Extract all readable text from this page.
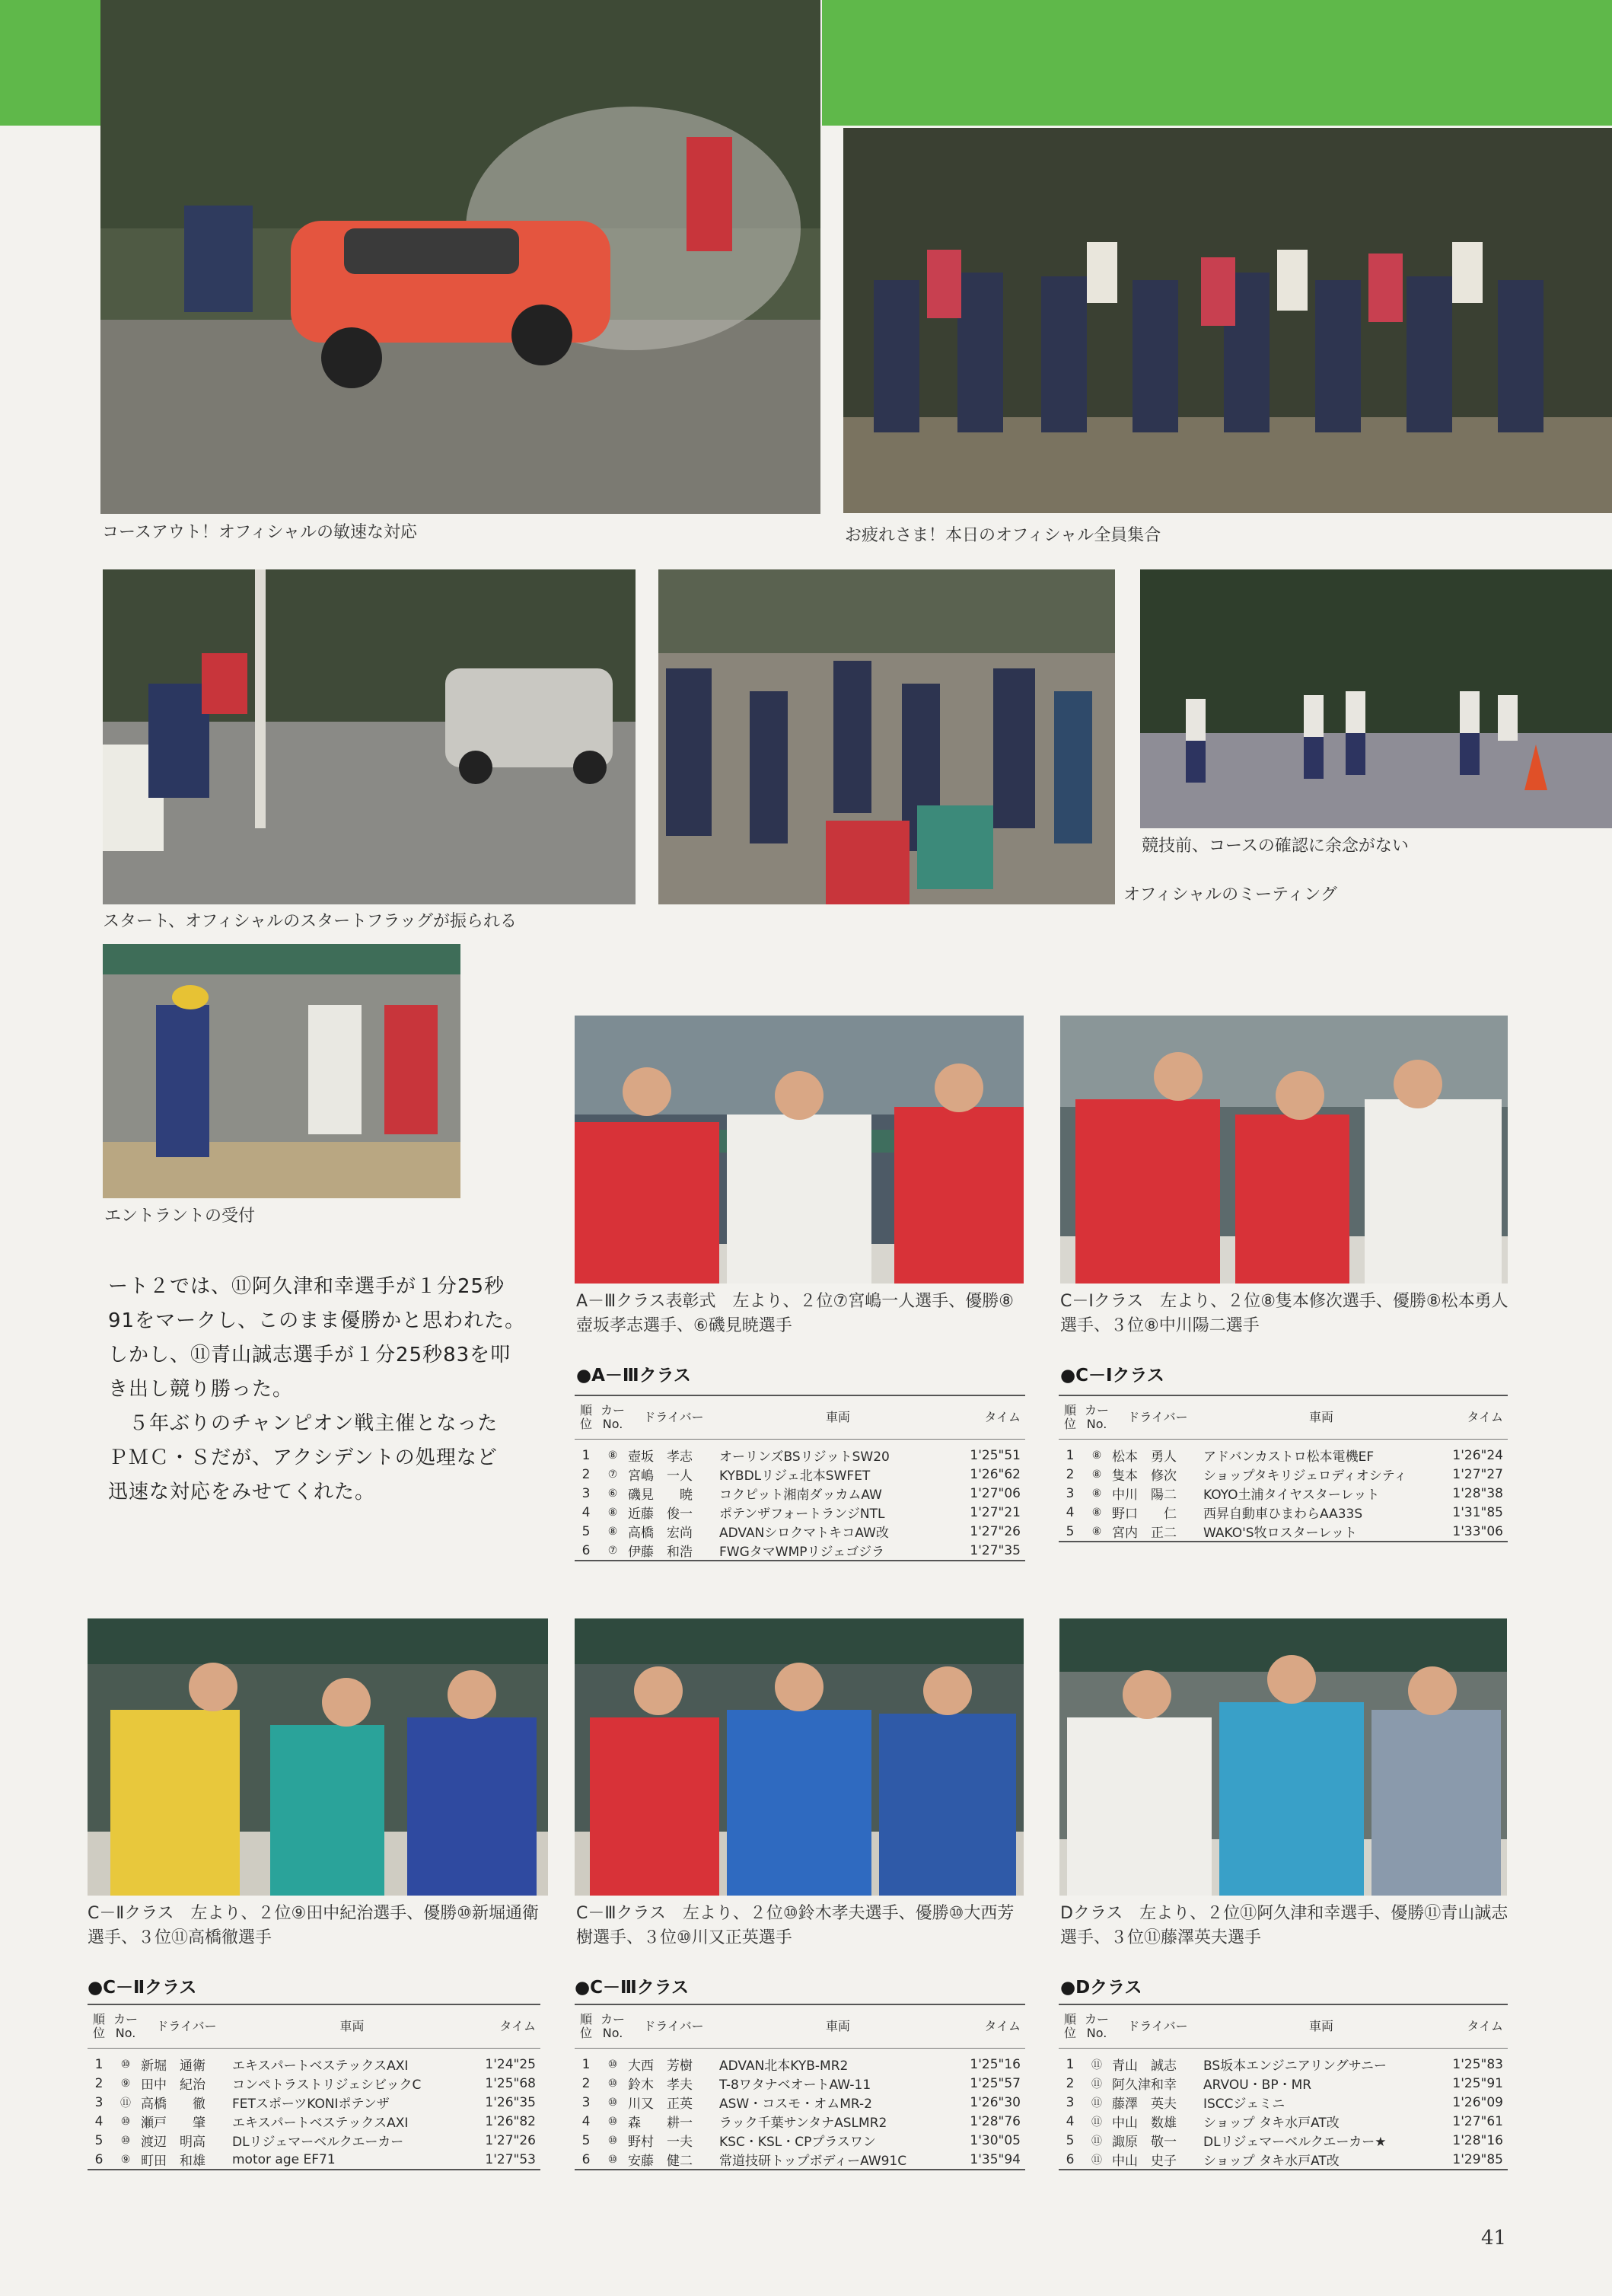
コースアウト！オフィシャルの敏速な対応	お疲れさま！本日のオフィシャル全員集合
競技前、コースの確認に余念がない
スタート、オフィシャルのスタートフラッグが振られる
オフィシャルのミーティング
エントラントの受付
A－Ⅲクラス表彰式　左より、２位⑦宮嶋一人選手、優勝⑧壺坂孝志選手、⑥磯見暁選手
C－Ⅰクラス　左より、２位⑧隻本修次選手、優勝⑧松本勇人選手、３位⑧中川陽二選手

ート２では、⑪阿久津和幸選手が１分25秒

91をマークし、このまま優勝かと思われた。

しかし、⑪青山誠志選手が１分25秒83を叩

き出し競り勝った。

　５年ぶりのチャンピオン戦主催となった

ＰＭＣ・Ｓだが、アクシデントの処理など

迅速な対応をみせてくれた。

●A－Ⅲクラス
順位	カー No.	ドライバー	車両	タイム
1	⑧	壺坂　孝志	オーリンズBSリジットSW20	1'25"51
2	⑦	宮嶋　一人	KYBDLリジェ北本SWFET	1'26"62
3	⑥	磯見　　暁	コクピット湘南ダッカムAW	1'27"06
4	⑧	近藤　俊一	ポテンザフォートランジNTL	1'27"21
5	⑧	高橋　宏尚	ADVANシロクマトキコAW改	1'27"26
6	⑦	伊藤　和浩	FWGタマWMPリジェゴジラ	1'27"35
●C－Ⅰクラス
順位	カー No.	ドライバー	車両	タイム
1	⑧	松本　勇人	アドバンカストロ松本電機EF	1'26"24
2	⑧	隻本　修次	ショップタキリジェロディオシティ	1'27"27
3	⑧	中川　陽二	KOYO土浦タイヤスターレット	1'28"38
4	⑧	野口　　仁	西昇自動車ひまわらAA33S	1'31"85
5	⑧	宮内　正二	WAKO'S牧ロスターレット	1'33"06
C－Ⅱクラス　左より、２位⑨田中紀治選手、優勝⑩新堀通衛選手、３位⑪高橋徹選手
C－Ⅲクラス　左より、２位⑩鈴木孝夫選手、優勝⑩大西芳樹選手、３位⑩川又正英選手
Dクラス　左より、２位⑪阿久津和幸選手、優勝⑪青山誠志選手、３位⑪藤澤英夫選手
●C－Ⅱクラス
順位	カー No.	ドライバー	車両	タイム
1	⑩	新堀　通衛	エキスパートベステックスAXI	1'24"25
2	⑨	田中　紀治	コンペトラストリジェシビックC	1'25"68
3	⑪	高橋　　徹	FETスポーツKONIポテンザ	1'26"35
4	⑩	瀬戸　　肇	エキスパートベステックスAXI	1'26"82
5	⑩	渡辺　明高	DLリジェマーベルクエーカー	1'27"26
6	⑨	町田　和雄	motor age EF71	1'27"53
●C－Ⅲクラス
順位	カー No.	ドライバー	車両	タイム
1	⑩	大西　芳樹	ADVAN北本KYB-MR2	1'25"16
2	⑩	鈴木　孝夫	T-8ワタナベオートAW-11	1'25"57
3	⑩	川又　正英	ASW・コスモ・オムMR-2	1'26"30
4	⑩	森　　耕一	ラック千葉サンタナASLMR2	1'28"76
5	⑩	野村　一夫	KSC・KSL・CPプラスワン	1'30"05
6	⑩	安藤　健二	常道技研トップボディーAW91C	1'35"94
●Dクラス
順位	カー No.	ドライバー	車両	タイム
1	⑪	青山　誠志	BS坂本エンジニアリングサニー	1'25"83
2	⑪	阿久津和幸	ARVOU・BP・MR	1'25"91
3	⑪	藤澤　英夫	ISCCジェミニ	1'26"09
4	⑪	中山　数雄	ショップ タキ水戸AT改	1'27"61
5	⑪	諏原　敬一	DLリジェマーベルクエーカー★	1'28"16
6	⑪	中山　史子	ショップ タキ水戸AT改	1'29"85
41
